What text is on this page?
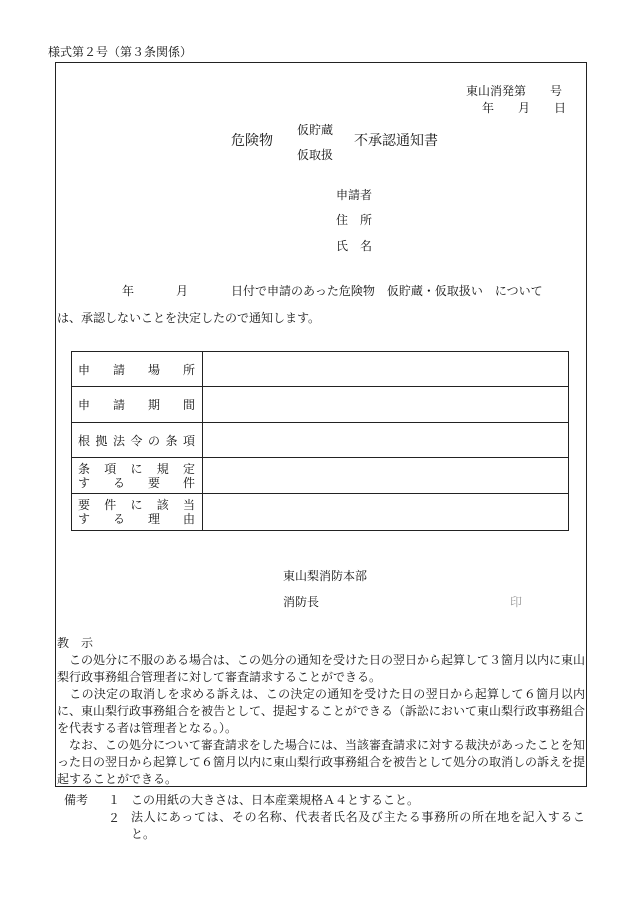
様式第２号（第３条関係）
東山消発第　　号
年　　月　　日
危険物
仮貯蔵
仮取扱
不承認通知書
申請者
住　所
氏　名
年	月	日付で申請のあった危険物　仮貯蔵・仮取扱い　について
は、承認しないことを決定したので通知します。
申請場所	
申請期間	
根拠法令の条項	

条項に規定
する要件	

要件に該当
する理由	

東山梨消防本部
消防長	印
教　示
　この処分に不服のある場合は、この処分の通知を受けた日の翌日から起算して３箇月以内に東山梨行政事務組合管理者に対して審査請求することができる。
　この決定の取消しを求める訴えは、この決定の通知を受けた日の翌日から起算して６箇月以内に、東山梨行政事務組合を被告として、提起することができる（訴訟において東山梨行政事務組合を代表する者は管理者となる。）。
　なお、この処分について審査請求をした場合には、当該審査請求に対する裁決があったことを知った日の翌日から起算して６箇月以内に東山梨行政事務組合を被告として処分の取消しの訴えを提起することができる。
備考 １ この用紙の大きさは、日本産業規格Ａ４とすること。
２ 法人にあっては、その名称、代表者氏名及び主たる事務所の所在地を記入すること。
